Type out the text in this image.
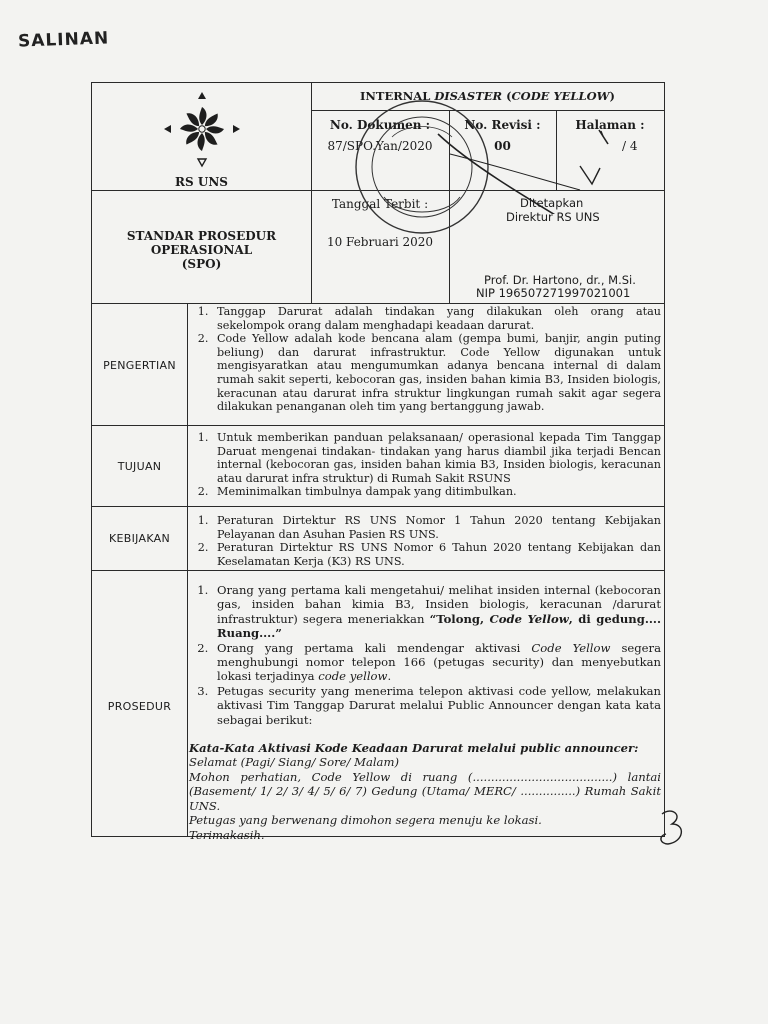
SALINAN
RS UNS
INTERNAL DISASTER (CODE YELLOW)
No. Dokumen :
87/SPO.Yan/2020
No. Revisi :
00
Halaman :
/ 4
STANDAR PROSEDUR
OPERASIONAL
(SPO)
Tanggal Terbit :
10 Februari 2020
Ditetapkan
Direktur RS UNS
Prof. Dr. Hartono, dr., M.Si.
NIP 196507271997021001
PENGERTIAN
1. Tanggap Darurat adalah tindakan yang dilakukan oleh orang atau sekelompok orang dalam menghadapi keadaan darurat.
2. Code Yellow adalah kode bencana alam (gempa bumi, banjir, angin puting beliung) dan darurat infrastruktur. Code Yellow digunakan untuk mengisyaratkan atau mengumumkan adanya bencana internal di dalam rumah sakit seperti, kebocoran gas, insiden bahan kimia B3, Insiden biologis, keracunan atau darurat infra struktur lingkungan rumah sakit agar segera dilakukan penanganan oleh tim yang bertanggung jawab.
TUJUAN
1. Untuk memberikan panduan pelaksanaan/ operasional kepada Tim Tanggap Daruat mengenai tindakan- tindakan yang harus diambil jika terjadi Bencan internal (kebocoran gas, insiden bahan kimia B3, Insiden biologis, keracunan atau darurat infra struktur) di Rumah Sakit RSUNS
2. Meminimalkan timbulnya dampak yang ditimbulkan.
KEBIJAKAN
1. Peraturan Dirtektur RS UNS Nomor 1 Tahun 2020 tentang Kebijakan Pelayanan dan Asuhan Pasien RS UNS.
2. Peraturan Dirtektur RS UNS Nomor 6 Tahun 2020 tentang Kebijakan dan Keselamatan Kerja (K3) RS UNS.
PROSEDUR
1. Orang yang pertama kali mengetahui/ melihat insiden internal (kebocoran gas, insiden bahan kimia B3, Insiden biologis, keracunan /darurat infrastruktur) segera meneriakkan “Tolong, Code Yellow, di gedung.... Ruang....”
2. Orang yang pertama kali mendengar aktivasi Code Yellow segera menghubungi nomor telepon 166 (petugas security) dan menyebutkan lokasi terjadinya code yellow.
3. Petugas security yang menerima telepon aktivasi code yellow, melakukan aktivasi Tim Tanggap Darurat melalui Public Announcer dengan kata kata sebagai berikut:
Kata-Kata Aktivasi Kode Keadaan Darurat melalui public announcer:
Selamat (Pagi/ Siang/ Sore/ Malam)
Mohon perhatian, Code Yellow di ruang (......................................) lantai (Basement/ 1/ 2/ 3/ 4/ 5/ 6/ 7) Gedung (Utama/ MERC/ ...............) Rumah Sakit UNS.
Petugas yang berwenang dimohon segera menuju ke lokasi.
Terimakasih.
